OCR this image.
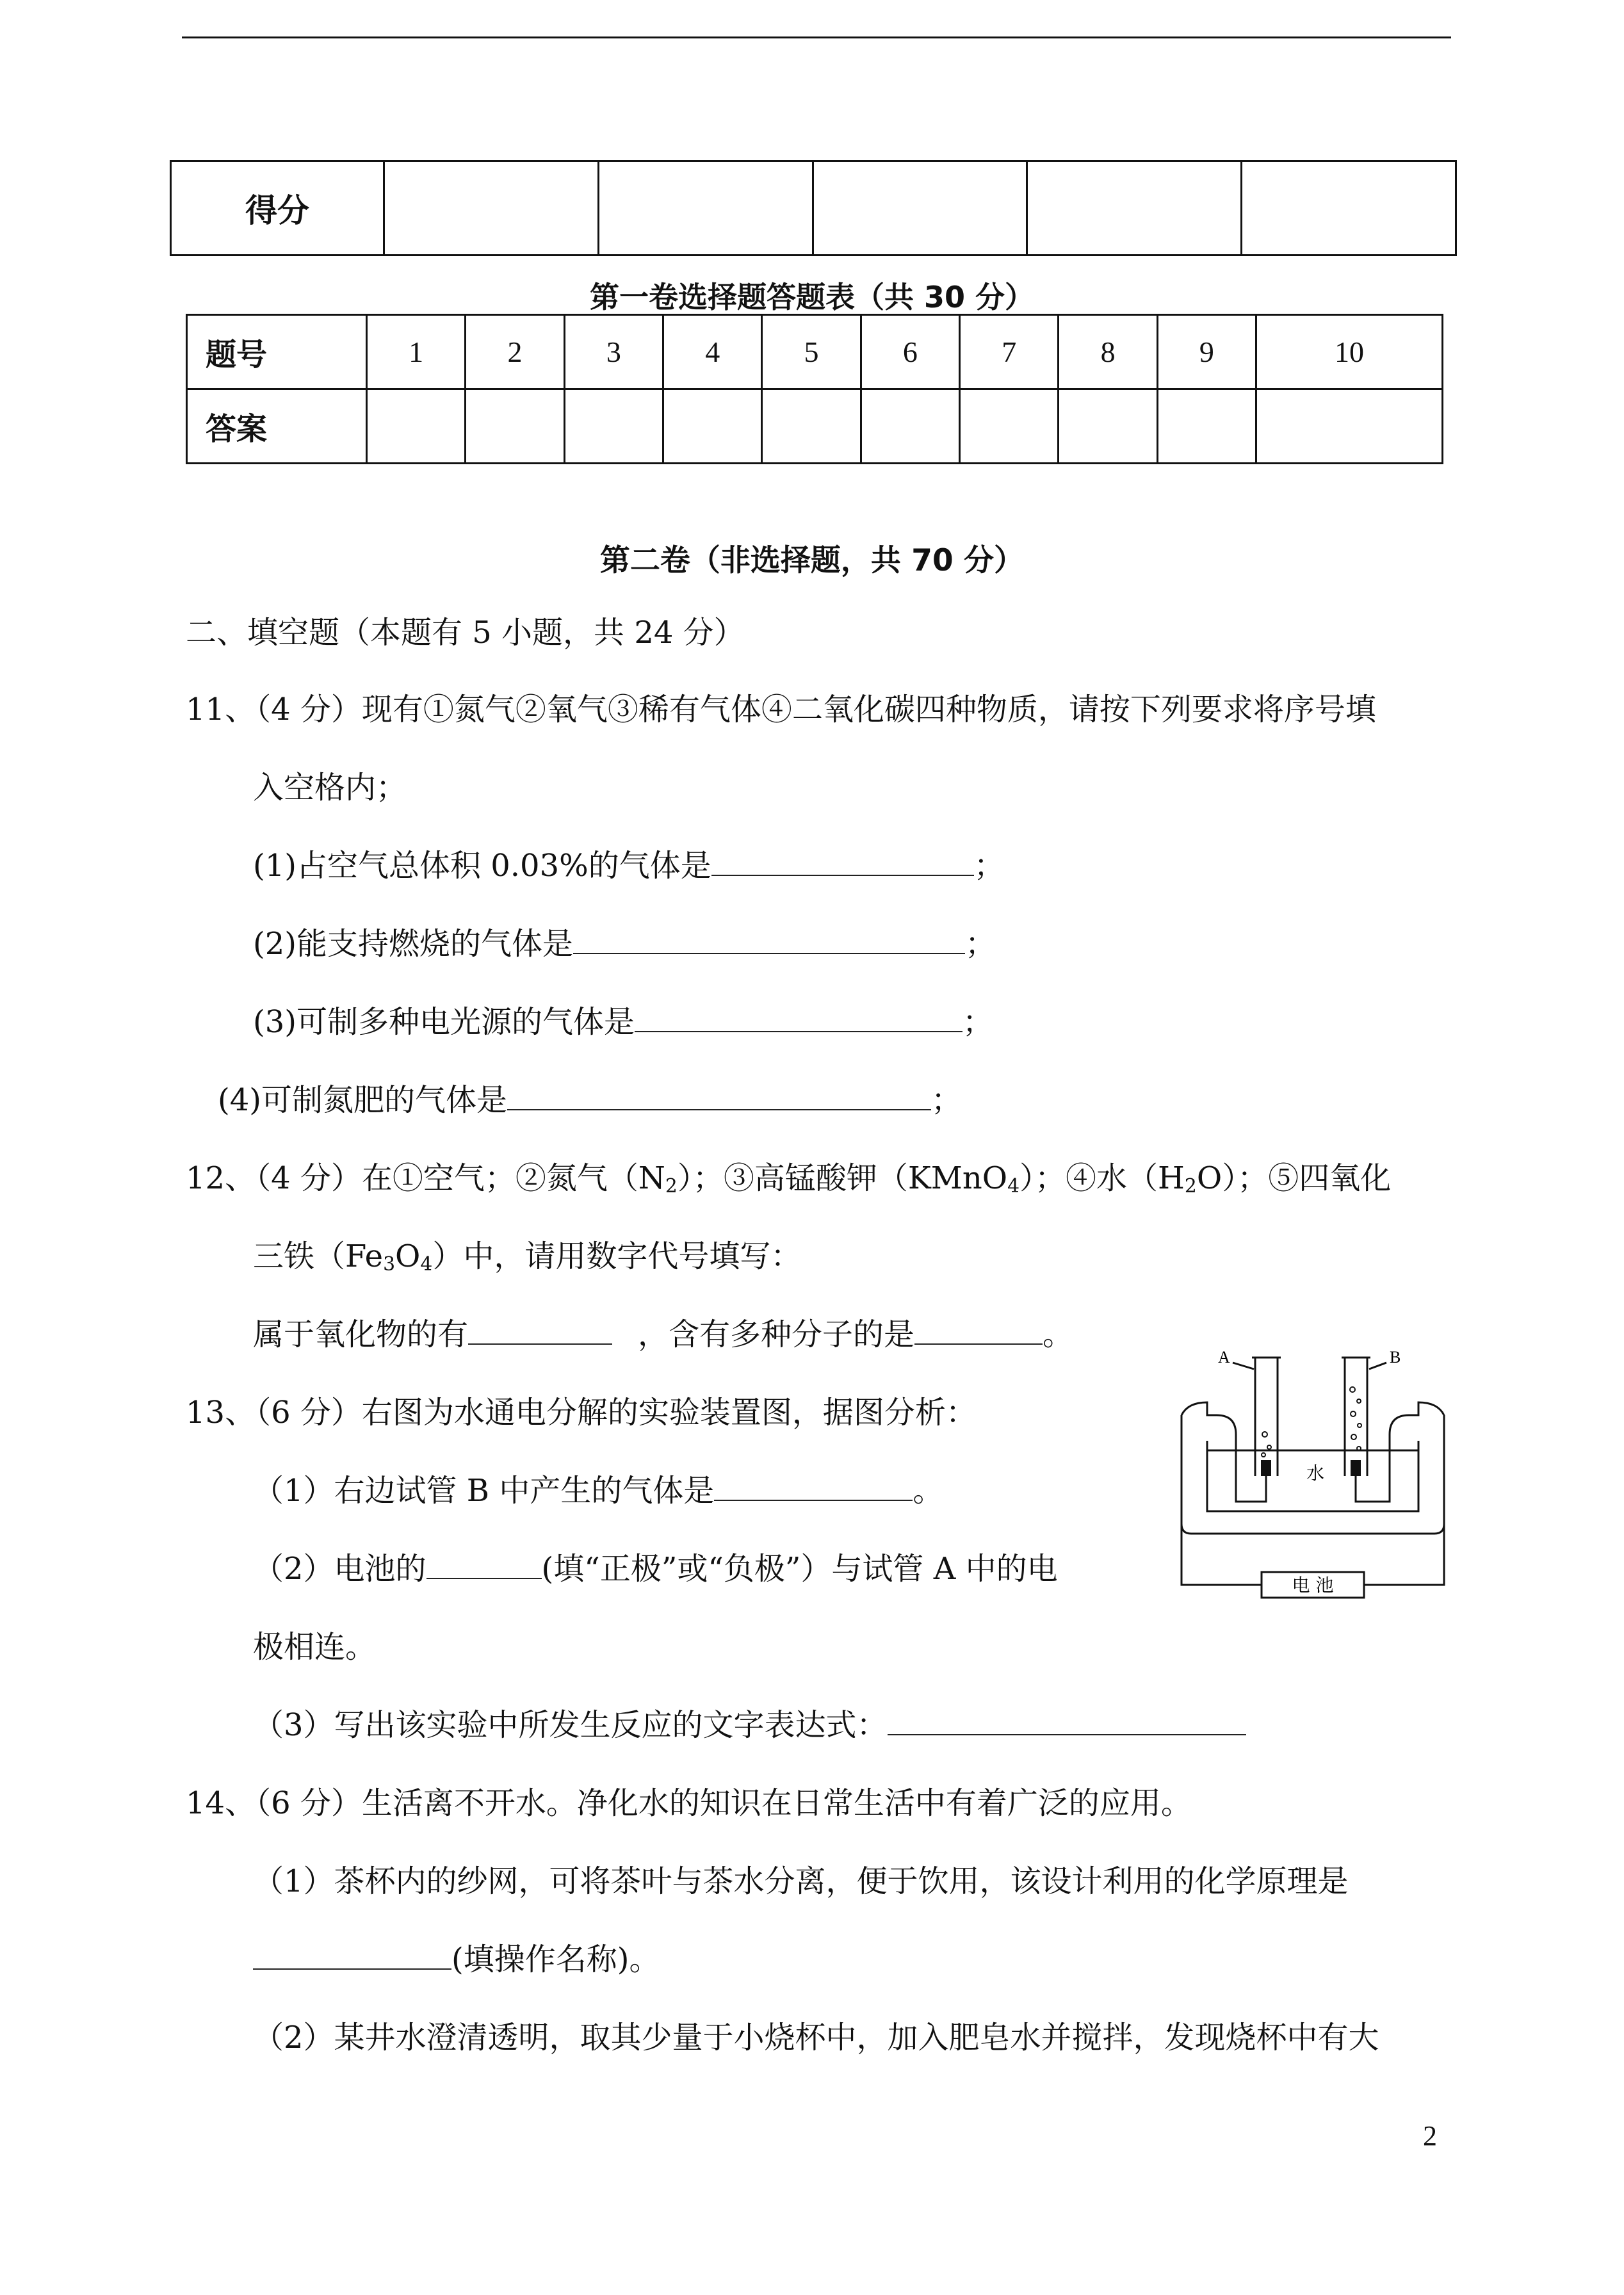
得分					
第一卷选择题答题表（共 30 分）
题号	1	2	3	4	5	6	7	8	9	10
答案										
第二卷（非选择题，共 70 分）
二、填空题（本题有 5 小题，共 24 分）
11、（4 分）现有①氮气②氧气③稀有气体④二氧化碳四种物质，请按下列要求将序号填
入空格内；
(1)占空气总体积 0.03%的气体是	；
(2)能支持燃烧的气体是	；
(3)可制多种电光源的气体是	；
(4)可制氮肥的气体是	；
12、（4 分）在①空气；②氮气$(N_2)$；③高锰酸钾（KMnO$_4$）；④水$(H_2O)$；⑤四氧化
三铁$(Fe_3O_4)$中，请用数字代号填写：
属于氧化物的有	，含有多种分子的是	。
13、（6 分）右图为水通电分解的实验装置图，据图分析：
（1）右边试管 B 中产生的气体是	。
（2）电池的	(填“正极”或“负极”）与试管 A 中的电
极相连。
（3）写出该实验中所发生反应的文字表达式：
A	B
水
电 池
14、（6 分）生活离不开水。净化水的知识在日常生活中有着广泛的应用。
（1）茶杯内的纱网，可将茶叶与茶水分离，便于饮用，该设计利用的化学原理是
(填操作名称)。
（2）某井水澄清透明，取其少量于小烧杯中，加入肥皂水并搅拌，发现烧杯中有大
2
